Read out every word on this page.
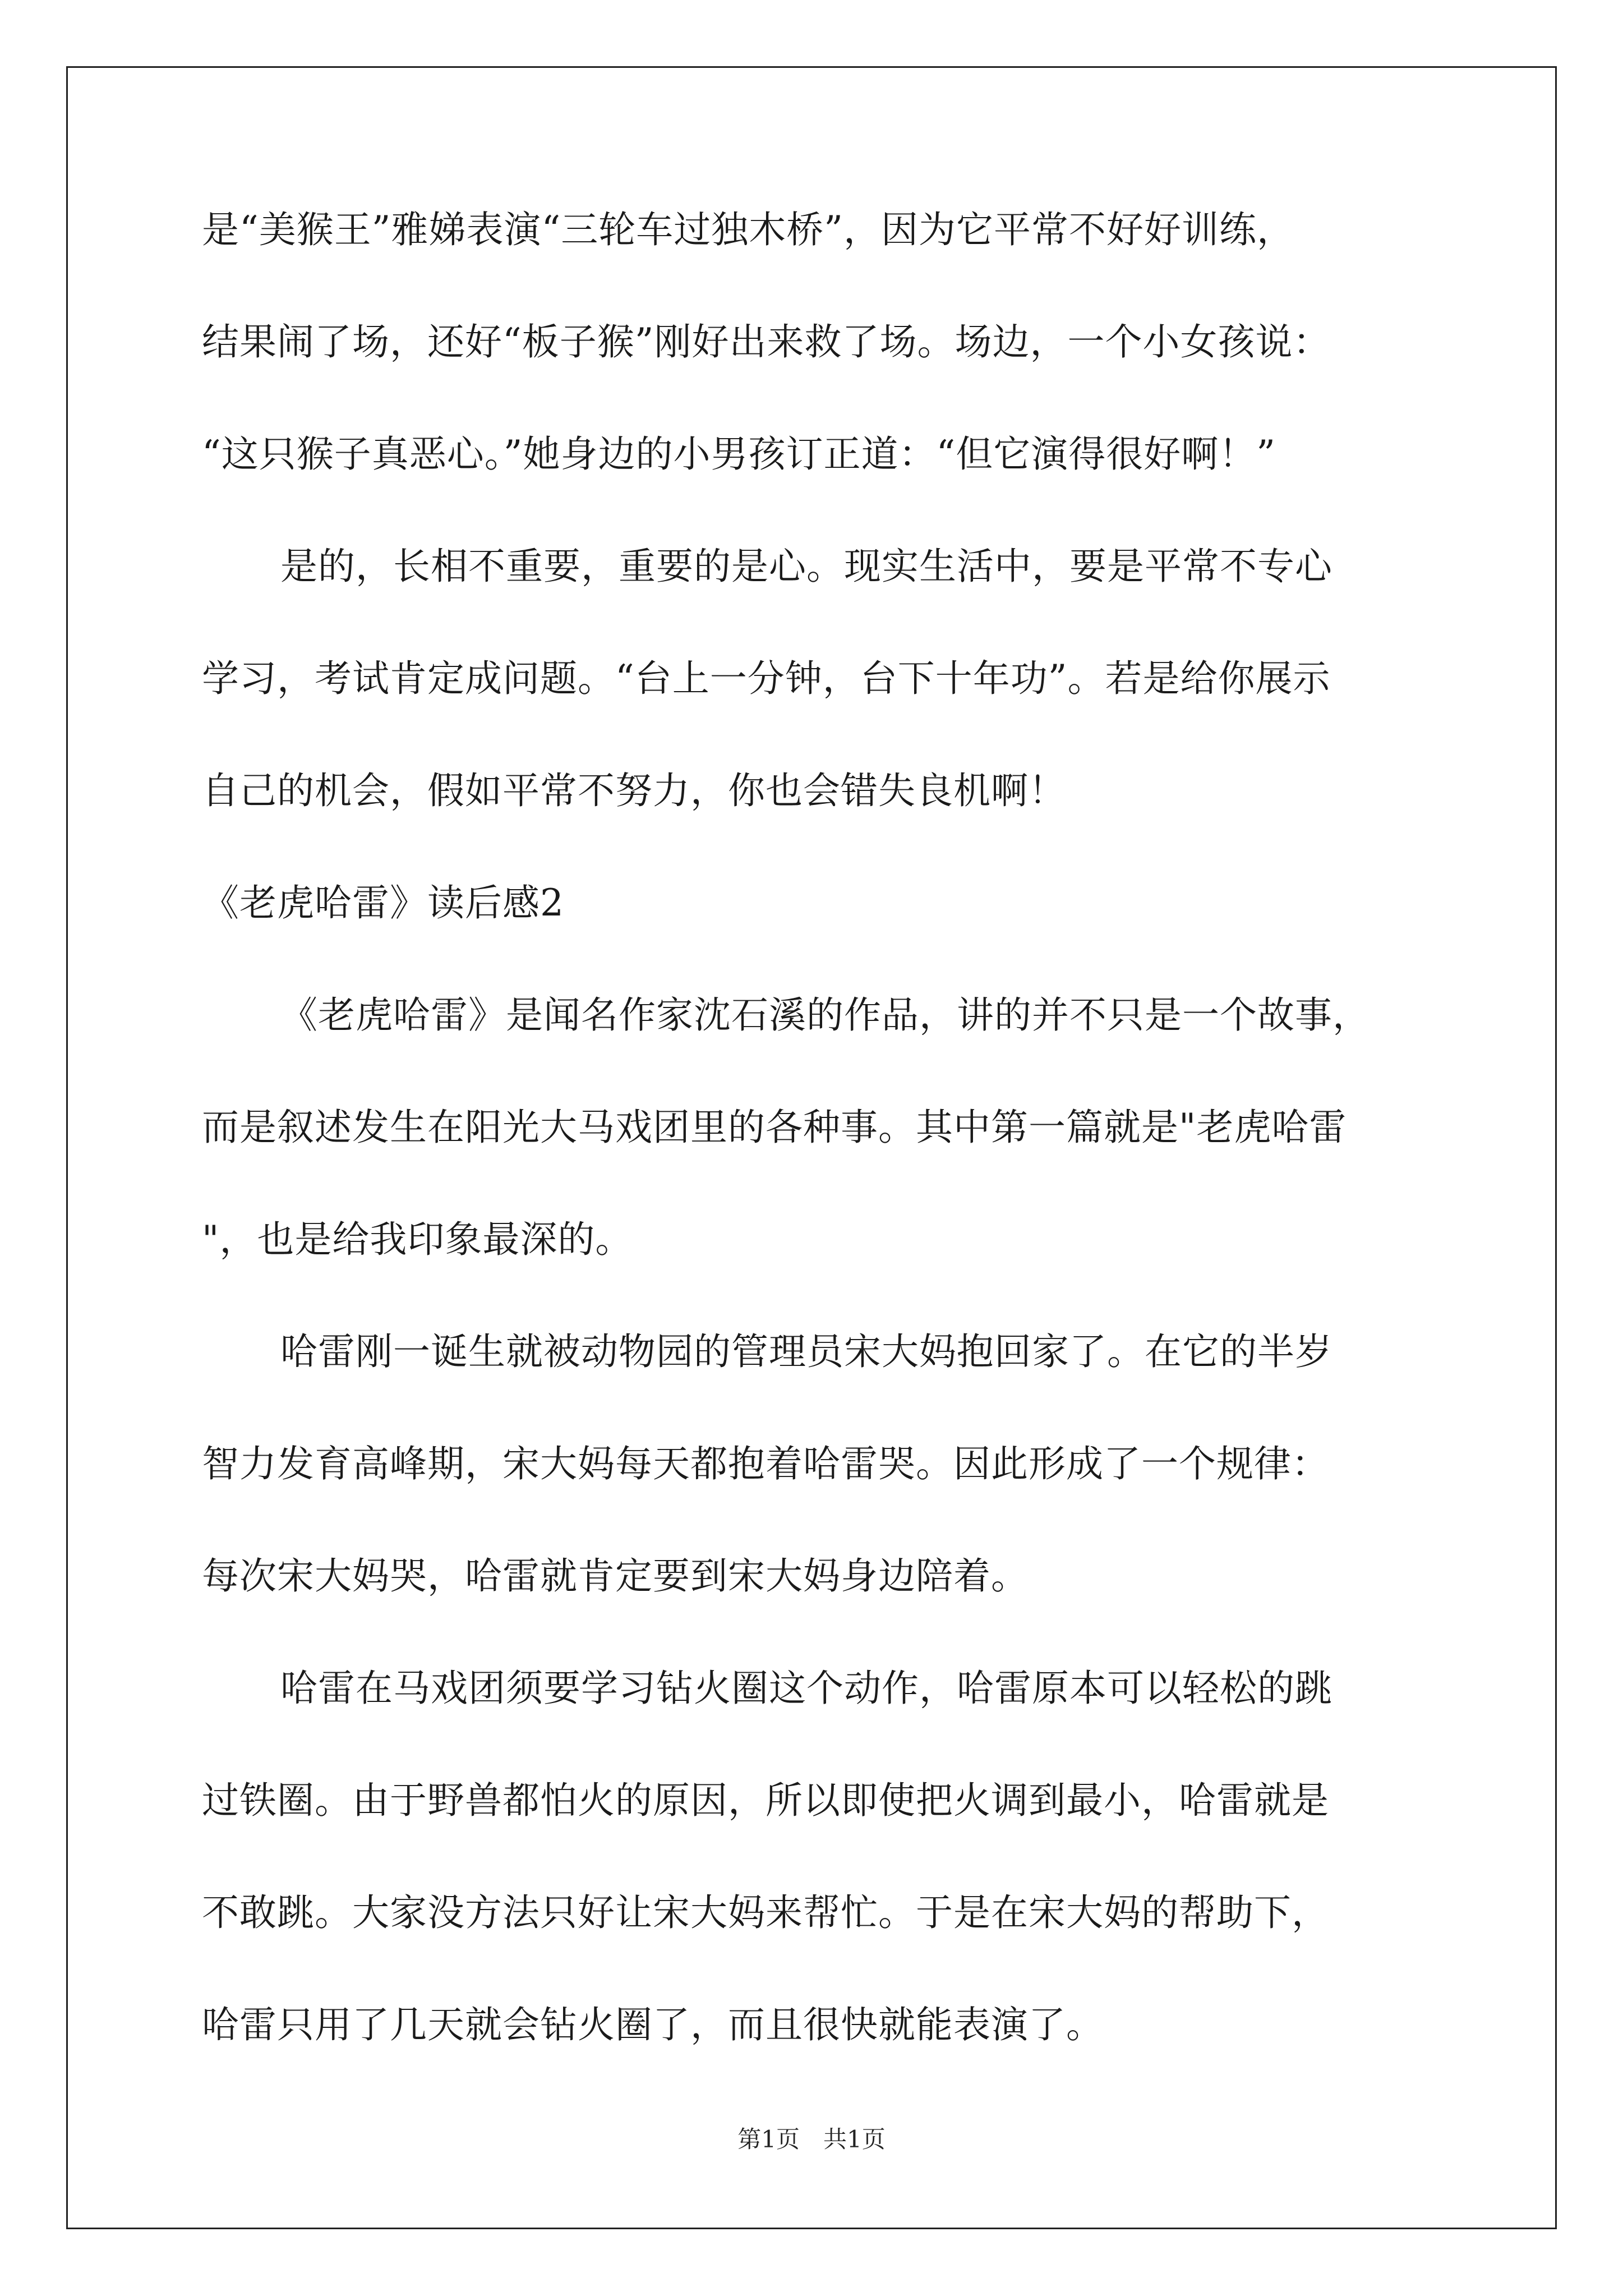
是“美猴王”雅娣表演“三轮车过独木桥”，因为它平常不好好训练，
结果闹了场，还好“板子猴”刚好出来救了场。场边，一个小女孩说：
“这只猴子真恶心。”她身边的小男孩订正道：“但它演得很好啊！”
是的，长相不重要，重要的是心。现实生活中，要是平常不专心
学习，考试肯定成问题。“台上一分钟，台下十年功”。若是给你展示
自己的机会，假如平常不努力，你也会错失良机啊！
《老虎哈雷》读后感2
《老虎哈雷》是闻名作家沈石溪的作品，讲的并不只是一个故事，
而是叙述发生在阳光大马戏团里的各种事。其中第一篇就是"老虎哈雷
"，也是给我印象最深的。
哈雷刚一诞生就被动物园的管理员宋大妈抱回家了。在它的半岁
智力发育高峰期，宋大妈每天都抱着哈雷哭。因此形成了一个规律：
每次宋大妈哭，哈雷就肯定要到宋大妈身边陪着。
哈雷在马戏团须要学习钻火圈这个动作，哈雷原本可以轻松的跳
过铁圈。由于野兽都怕火的原因，所以即使把火调到最小，哈雷就是
不敢跳。大家没方法只好让宋大妈来帮忙。于是在宋大妈的帮助下，
哈雷只用了几天就会钻火圈了，而且很快就能表演了。
第1页　共1页
